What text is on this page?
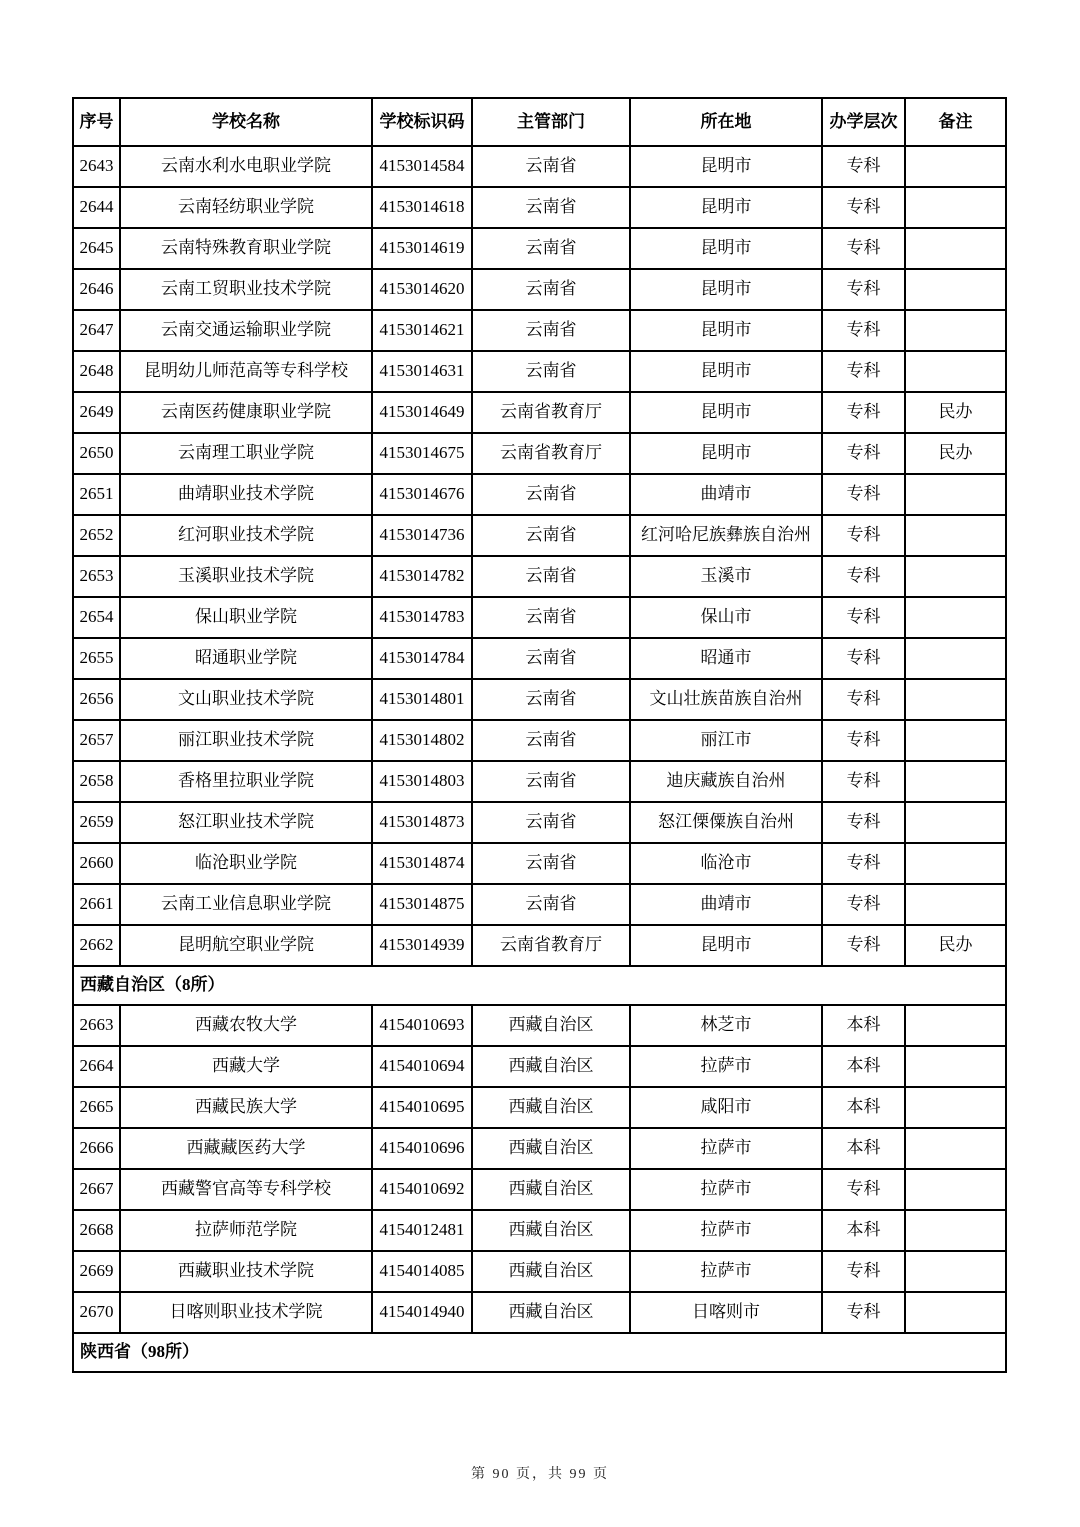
序号	学校名称	学校标识码	主管部门	所在地	办学层次	备注
2643	云南水利水电职业学院	4153014584	云南省	昆明市	专科	
2644	云南轻纺职业学院	4153014618	云南省	昆明市	专科	
2645	云南特殊教育职业学院	4153014619	云南省	昆明市	专科	
2646	云南工贸职业技术学院	4153014620	云南省	昆明市	专科	
2647	云南交通运输职业学院	4153014621	云南省	昆明市	专科	
2648	昆明幼儿师范高等专科学校	4153014631	云南省	昆明市	专科	
2649	云南医药健康职业学院	4153014649	云南省教育厅	昆明市	专科	民办
2650	云南理工职业学院	4153014675	云南省教育厅	昆明市	专科	民办
2651	曲靖职业技术学院	4153014676	云南省	曲靖市	专科	
2652	红河职业技术学院	4153014736	云南省	红河哈尼族彝族自治州	专科	
2653	玉溪职业技术学院	4153014782	云南省	玉溪市	专科	
2654	保山职业学院	4153014783	云南省	保山市	专科	
2655	昭通职业学院	4153014784	云南省	昭通市	专科	
2656	文山职业技术学院	4153014801	云南省	文山壮族苗族自治州	专科	
2657	丽江职业技术学院	4153014802	云南省	丽江市	专科	
2658	香格里拉职业学院	4153014803	云南省	迪庆藏族自治州	专科	
2659	怒江职业技术学院	4153014873	云南省	怒江傈僳族自治州	专科	
2660	临沧职业学院	4153014874	云南省	临沧市	专科	
2661	云南工业信息职业学院	4153014875	云南省	曲靖市	专科	
2662	昆明航空职业学院	4153014939	云南省教育厅	昆明市	专科	民办
西藏自治区（8所）						
2663	西藏农牧大学	4154010693	西藏自治区	林芝市	本科	
2664	西藏大学	4154010694	西藏自治区	拉萨市	本科	
2665	西藏民族大学	4154010695	西藏自治区	咸阳市	本科	
2666	西藏藏医药大学	4154010696	西藏自治区	拉萨市	本科	
2667	西藏警官高等专科学校	4154010692	西藏自治区	拉萨市	专科	
2668	拉萨师范学院	4154012481	西藏自治区	拉萨市	本科	
2669	西藏职业技术学院	4154014085	西藏自治区	拉萨市	专科	
2670	日喀则职业技术学院	4154014940	西藏自治区	日喀则市	专科	
陕西省（98所）						
第 90 页，共 99 页
